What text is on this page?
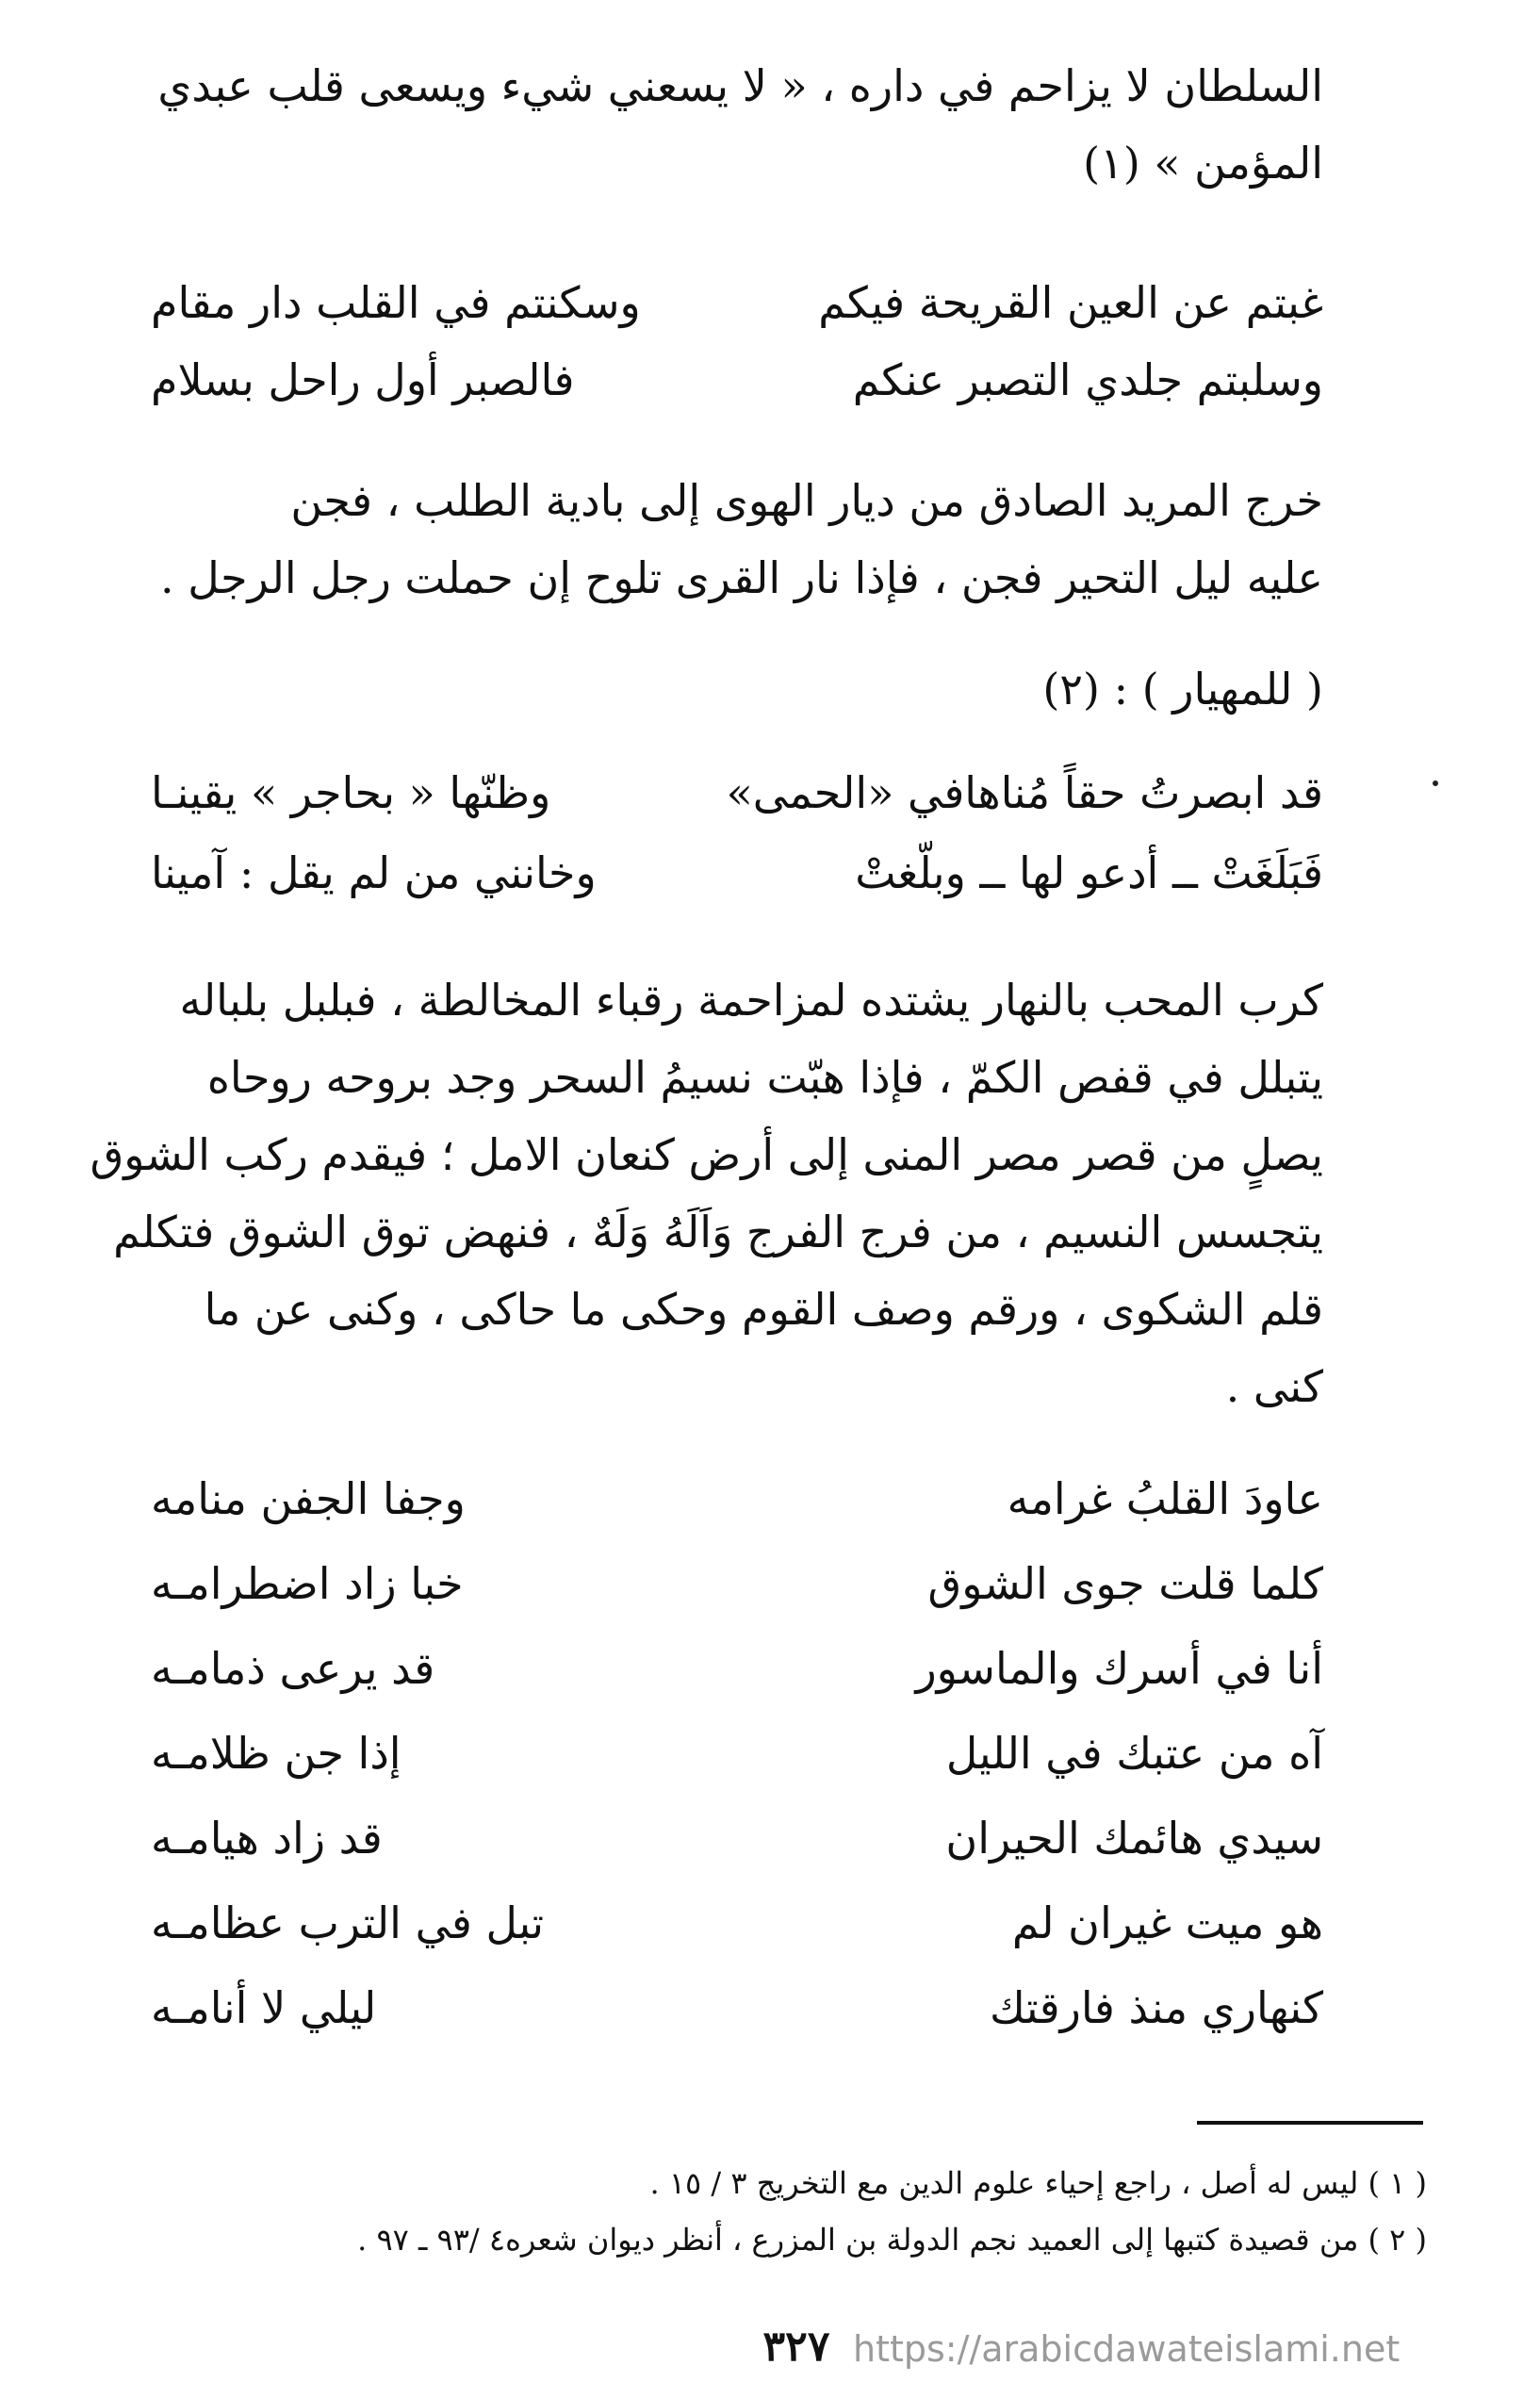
السلطان لا يزاحم في داره ، « لا يسعني شيء ويسعى قلب عبدي
المؤمن » (١)
غبتم عن العين القريحة فيكم
وسكنتم في القلب دار مقام
وسلبتم جلدي التصبر عنكم
فالصبر أول راحل بسلام
خرج المريد الصادق من ديار الهوى إلى بادية الطلب ، فجن
عليه ليل التحير فجن ، فإذا نار القرى تلوح إن حملت رجل الرجل .
( للمهيار ) : (٢)
قد ابصرتُ حقاً مُناهافي «الحمى»
وظنّها « بحاجر » يقينـا
فَبَلَغَتْ ــ أدعو لها ــ وبلّغتْ
وخانني من لم يقل : آمينا
كرب المحب بالنهار يشتده لمزاحمة رقباء المخالطة ، فبلبل بلباله
يتبلل في قفص الكمّ ، فإذا هبّت نسيمُ السحر وجد بروحه روحاه
يصلٍ من قصر مصر المنى إلى أرض كنعان الامل ؛ فيقدم ركب الشوق
يتجسس النسيم ، من فرج الفرج وَاَلَهُ وَلَهٌ ، فنهض توق الشوق فتكلم
قلم الشكوى ، ورقم وصف القوم وحكى ما حاكى ، وكنى عن ما
كنى .
عاودَ القلبُ غرامه
وجفا الجفن منامه
كلما قلت جوى الشوق
خبا زاد اضطرامـه
أنا في أسرك والماسور
قد يرعى ذمامـه
آه من عتبك في الليل
إذا جن ظلامـه
سيدي هائمك الحيران
قد زاد هيامـه
هو ميت غيران لم
تبل في الترب عظامـه
كنهاري منذ فارقتك
ليلي لا أنامـه
( ١ ) ليس له أصل ، راجع إحياء علوم الدين مع التخريج ٣ / ١٥ .
( ٢ ) من قصيدة كتبها إلى العميد نجم الدولة بن المزرع ، أنظر ديوان شعره٤ /٩٣ ـ ٩٧ .
٣٢٧ https://arabicdawateislami.net
